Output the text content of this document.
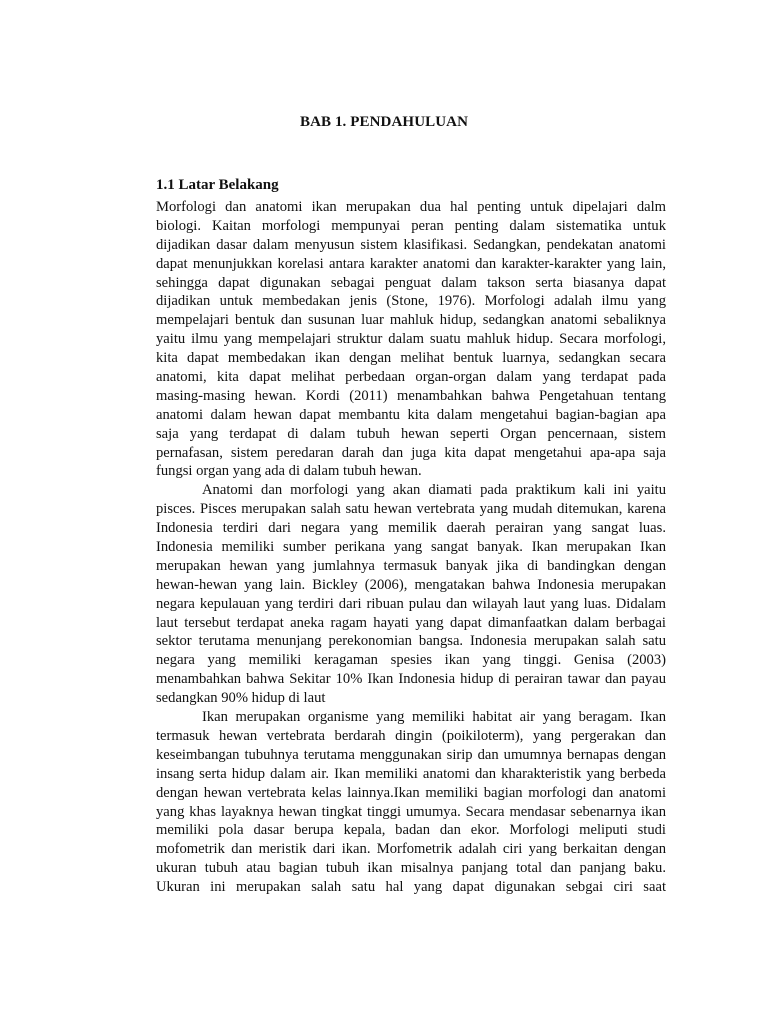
BAB 1. PENDAHULUAN
1.1 Latar Belakang
Morfologi dan anatomi ikan merupakan dua hal penting untuk dipelajari dalm
biologi. Kaitan morfologi mempunyai peran penting dalam sistematika untuk
dijadikan dasar dalam menyusun sistem klasifikasi. Sedangkan, pendekatan anatomi
dapat menunjukkan korelasi antara karakter anatomi dan karakter-karakter yang lain,
sehingga dapat digunakan sebagai penguat dalam takson serta biasanya dapat
dijadikan untuk membedakan jenis (Stone, 1976). Morfologi adalah ilmu yang
mempelajari bentuk dan susunan luar mahluk hidup, sedangkan anatomi sebaliknya
yaitu ilmu yang mempelajari struktur dalam suatu mahluk hidup. Secara morfologi,
kita dapat membedakan ikan dengan melihat bentuk luarnya, sedangkan secara
anatomi, kita dapat melihat perbedaan organ-organ dalam yang terdapat pada
masing-masing hewan. Kordi (2011) menambahkan bahwa Pengetahuan tentang
anatomi dalam hewan dapat membantu kita dalam mengetahui bagian-bagian apa
saja yang terdapat di dalam tubuh hewan seperti Organ pencernaan, sistem
pernafasan, sistem peredaran darah dan juga kita dapat mengetahui apa-apa saja
fungsi organ yang ada di dalam tubuh hewan.
Anatomi dan morfologi yang akan diamati pada praktikum kali ini yaitu
pisces. Pisces merupakan salah satu hewan vertebrata yang mudah ditemukan, karena
Indonesia terdiri dari negara yang memilik daerah perairan yang sangat luas.
Indonesia memiliki sumber perikana yang sangat banyak. Ikan merupakan Ikan
merupakan hewan yang jumlahnya termasuk banyak jika di bandingkan dengan
hewan-hewan yang lain. Bickley (2006), mengatakan bahwa Indonesia merupakan
negara kepulauan yang terdiri dari ribuan pulau dan wilayah laut yang luas. Didalam
laut tersebut terdapat aneka ragam hayati yang dapat dimanfaatkan dalam berbagai
sektor terutama menunjang perekonomian bangsa. Indonesia merupakan salah satu
negara yang memiliki keragaman spesies ikan yang tinggi. Genisa (2003)
menambahkan bahwa Sekitar 10% Ikan Indonesia hidup di perairan tawar dan payau
sedangkan 90% hidup di laut
Ikan merupakan organisme yang memiliki habitat air yang beragam. Ikan
termasuk hewan vertebrata berdarah dingin (poikiloterm), yang pergerakan dan
keseimbangan tubuhnya terutama menggunakan sirip dan umumnya bernapas dengan
insang serta hidup dalam air. Ikan memiliki anatomi dan kharakteristik yang berbeda
dengan hewan vertebrata kelas lainnya.Ikan memiliki bagian morfologi dan anatomi
yang khas layaknya hewan tingkat tinggi umumya. Secara mendasar sebenarnya ikan
memiliki pola dasar berupa kepala, badan dan ekor. Morfologi meliputi studi
mofometrik dan meristik dari ikan. Morfometrik adalah ciri yang berkaitan dengan
ukuran tubuh atau bagian tubuh ikan misalnya panjang total dan panjang baku.
Ukuran ini merupakan salah satu hal yang dapat digunakan sebgai ciri saat
